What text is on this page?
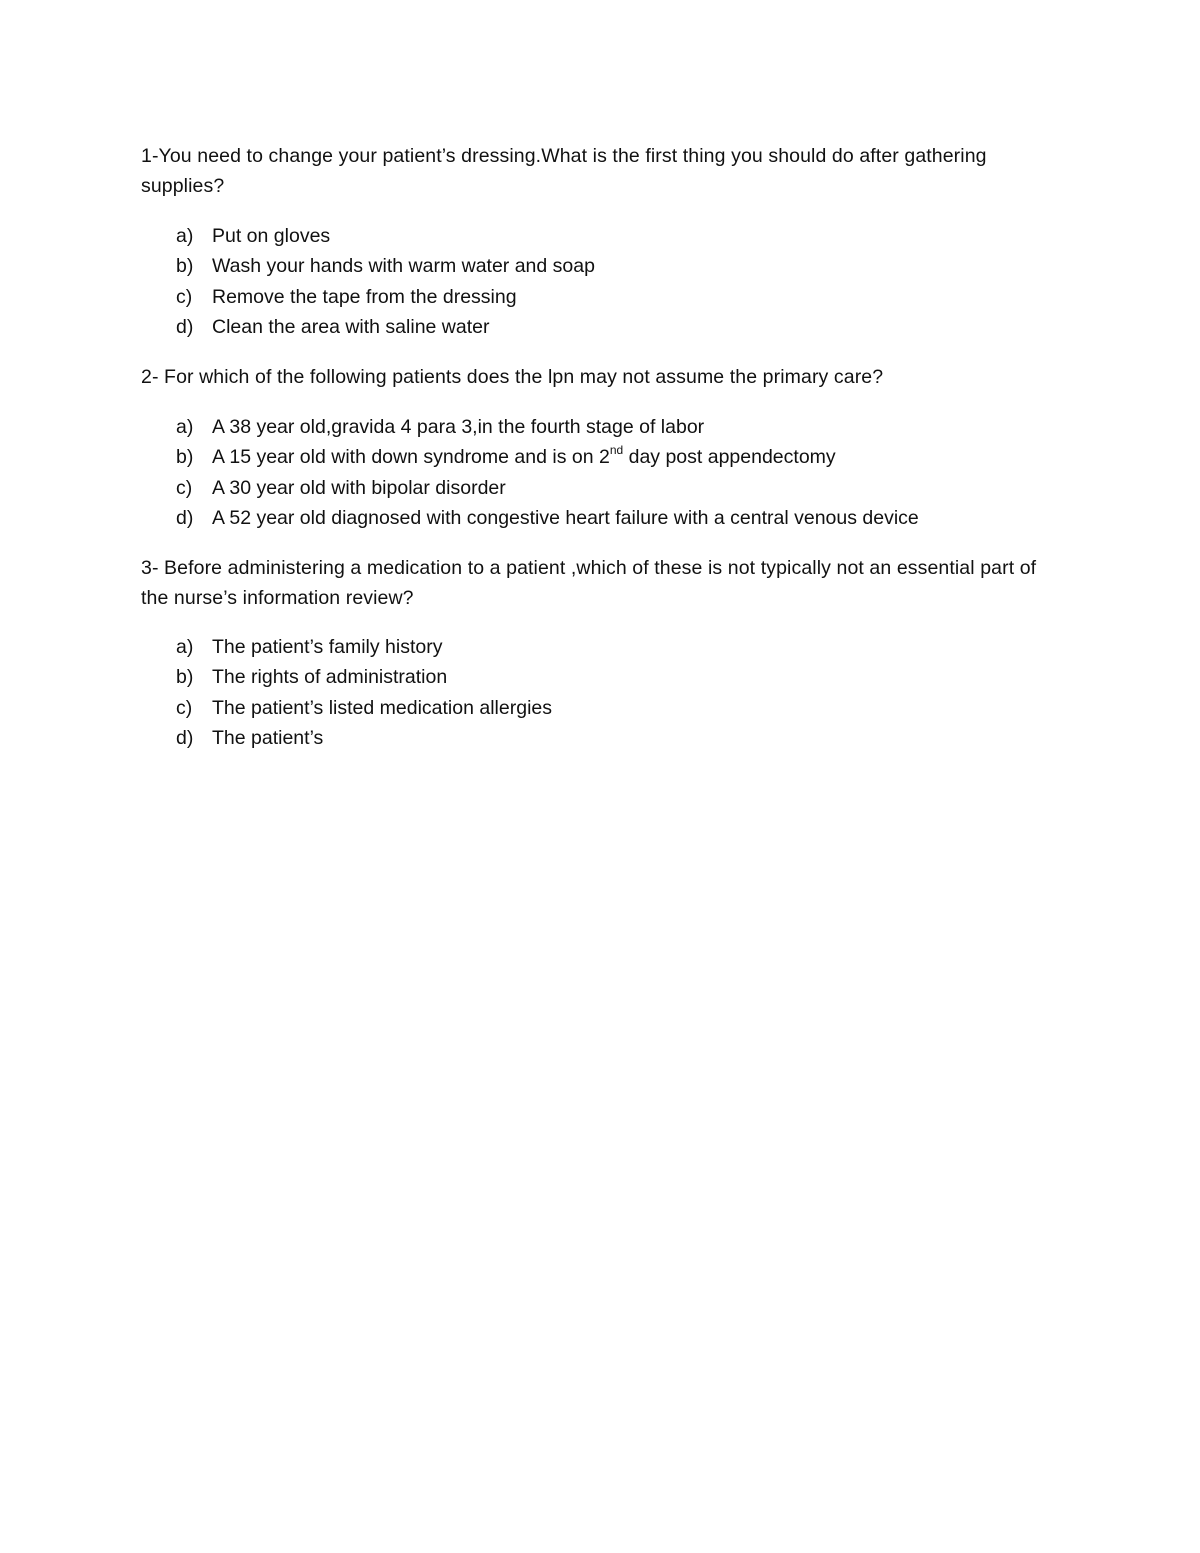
1-You need to change your patient’s dressing.What is the first thing you should do after gathering supplies?
a) Put on gloves
b) Wash your hands with warm water and soap
c)	Remove the tape from the dressing
d) Clean the area with saline water
2- For which of the following patients does the lpn may not assume the primary care?
a) A 38 year old,gravida 4 para 3,in the fourth stage of labor
b) A 15 year old with down syndrome and is on 2nd day post appendectomy
c)	A 30 year old with bipolar disorder
d) A 52 year old diagnosed with congestive heart failure with a central venous device
3- Before administering a medication to a patient ,which of these is not typically not an essential part of the nurse’s information review?
a) The patient’s family history
b) The rights of administration
c)	The patient’s listed medication allergies
d) The patient’s
